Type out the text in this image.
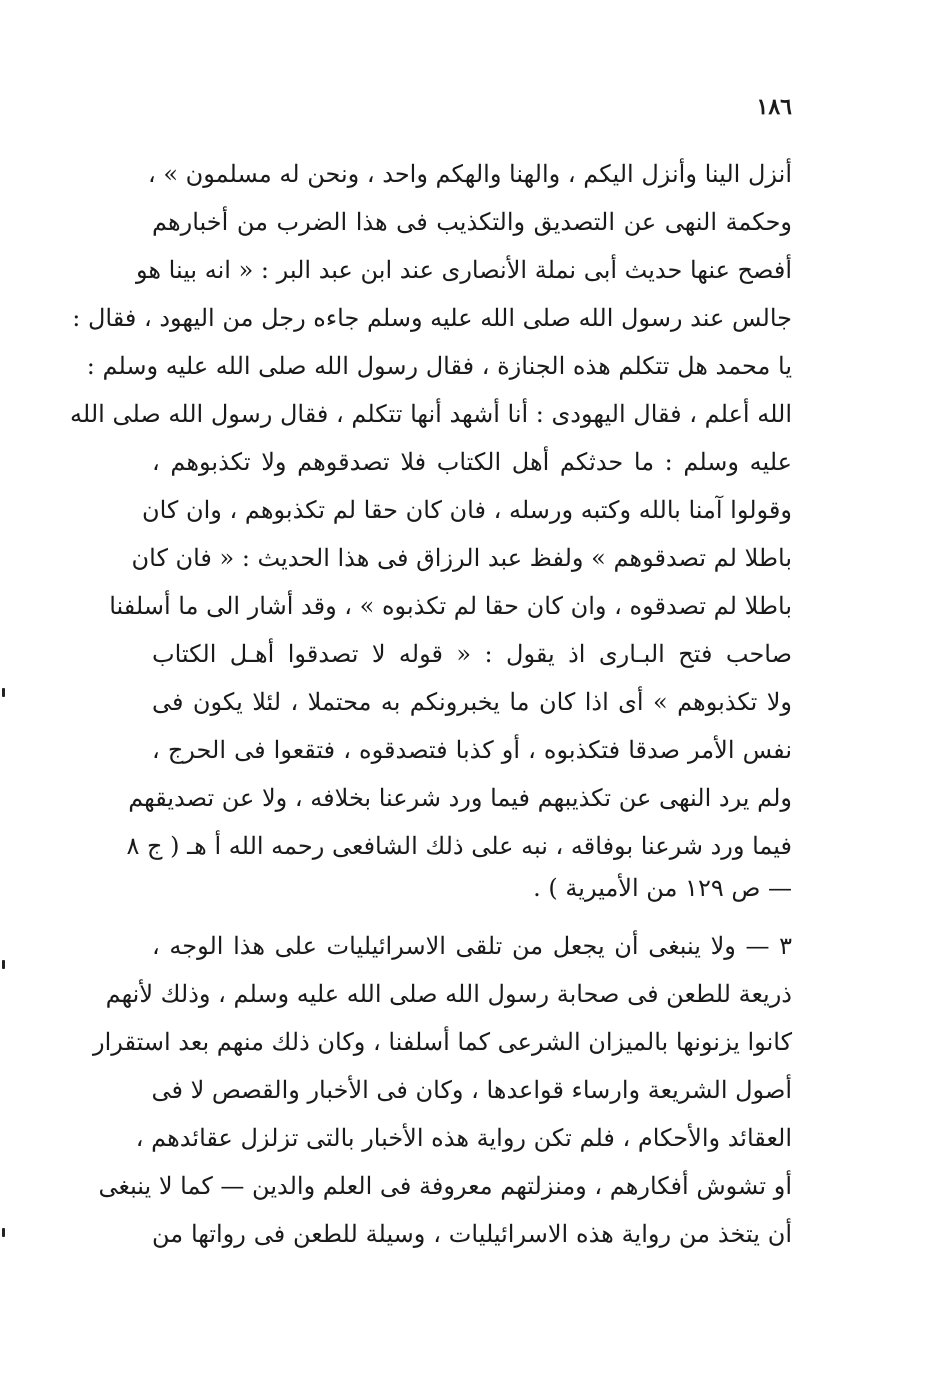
١٨٦
أنزل الينا وأنزل اليكم ، والهنا والهكم واحد ، ونحن له مسلمون » ،
وحكمة النهى عن التصديق والتكذيب فى هذا الضرب من أخبارهم
أفصح عنها حديث أبى نملة الأنصارى عند ابن عبد البر : « انه بينا هو
جالس عند رسول الله صلى الله عليه وسلم جاءه رجل من اليهود ، فقال :
يا محمد هل تتكلم هذه الجنازة ، فقال رسول الله صلى الله عليه وسلم :
الله أعلم ، فقال اليهودى : أنا أشهد أنها تتكلم ، فقال رسول الله صلى الله
عليه وسلم : ما حدثكم أهل الكتاب فلا تصدقوهم ولا تكذبوهم ،
وقولوا آمنا بالله وكتبه ورسله ، فان كان حقا لم تكذبوهم ، وان كان
باطلا لم تصدقوهم » ولفظ عبد الرزاق فى هذا الحديث : « فان كان
باطلا لم تصدقوه ، وان كان حقا لم تكذبوه » ، وقد أشار الى ما أسلفنا
صاحب فتح البـارى اذ يقول : « قوله لا تصدقوا أهـل الكتاب
ولا تكذبوهم » أى اذا كان ما يخبرونكم به محتملا ، لئلا يكون فى
نفس الأمر صدقا فتكذبوه ، أو كذبا فتصدقوه ، فتقعوا فى الحرج ،
ولم يرد النهى عن تكذيبهم فيما ورد شرعنا بخلافه ، ولا عن تصديقهم
فيما ورد شرعنا بوفاقه ، نبه على ذلك الشافعى رحمه الله أ هـ ( ج ٨
— ص ١٢٩ من الأميرية ) .
٣ — ولا ينبغى أن يجعل من تلقى الاسرائيليات على هذا الوجه ،
ذريعة للطعن فى صحابة رسول الله صلى الله عليه وسلم ، وذلك لأنهم
كانوا يزنونها بالميزان الشرعى كما أسلفنا ، وكان ذلك منهم بعد استقرار
أصول الشريعة وارساء قواعدها ، وكان فى الأخبار والقصص لا فى
العقائد والأحكام ، فلم تكن رواية هذه الأخبار بالتى تزلزل عقائدهم ،
أو تشوش أفكارهم ، ومنزلتهم معروفة فى العلم والدين — كما لا ينبغى
أن يتخذ من رواية هذه الاسرائيليات ، وسيلة للطعن فى رواتها من
